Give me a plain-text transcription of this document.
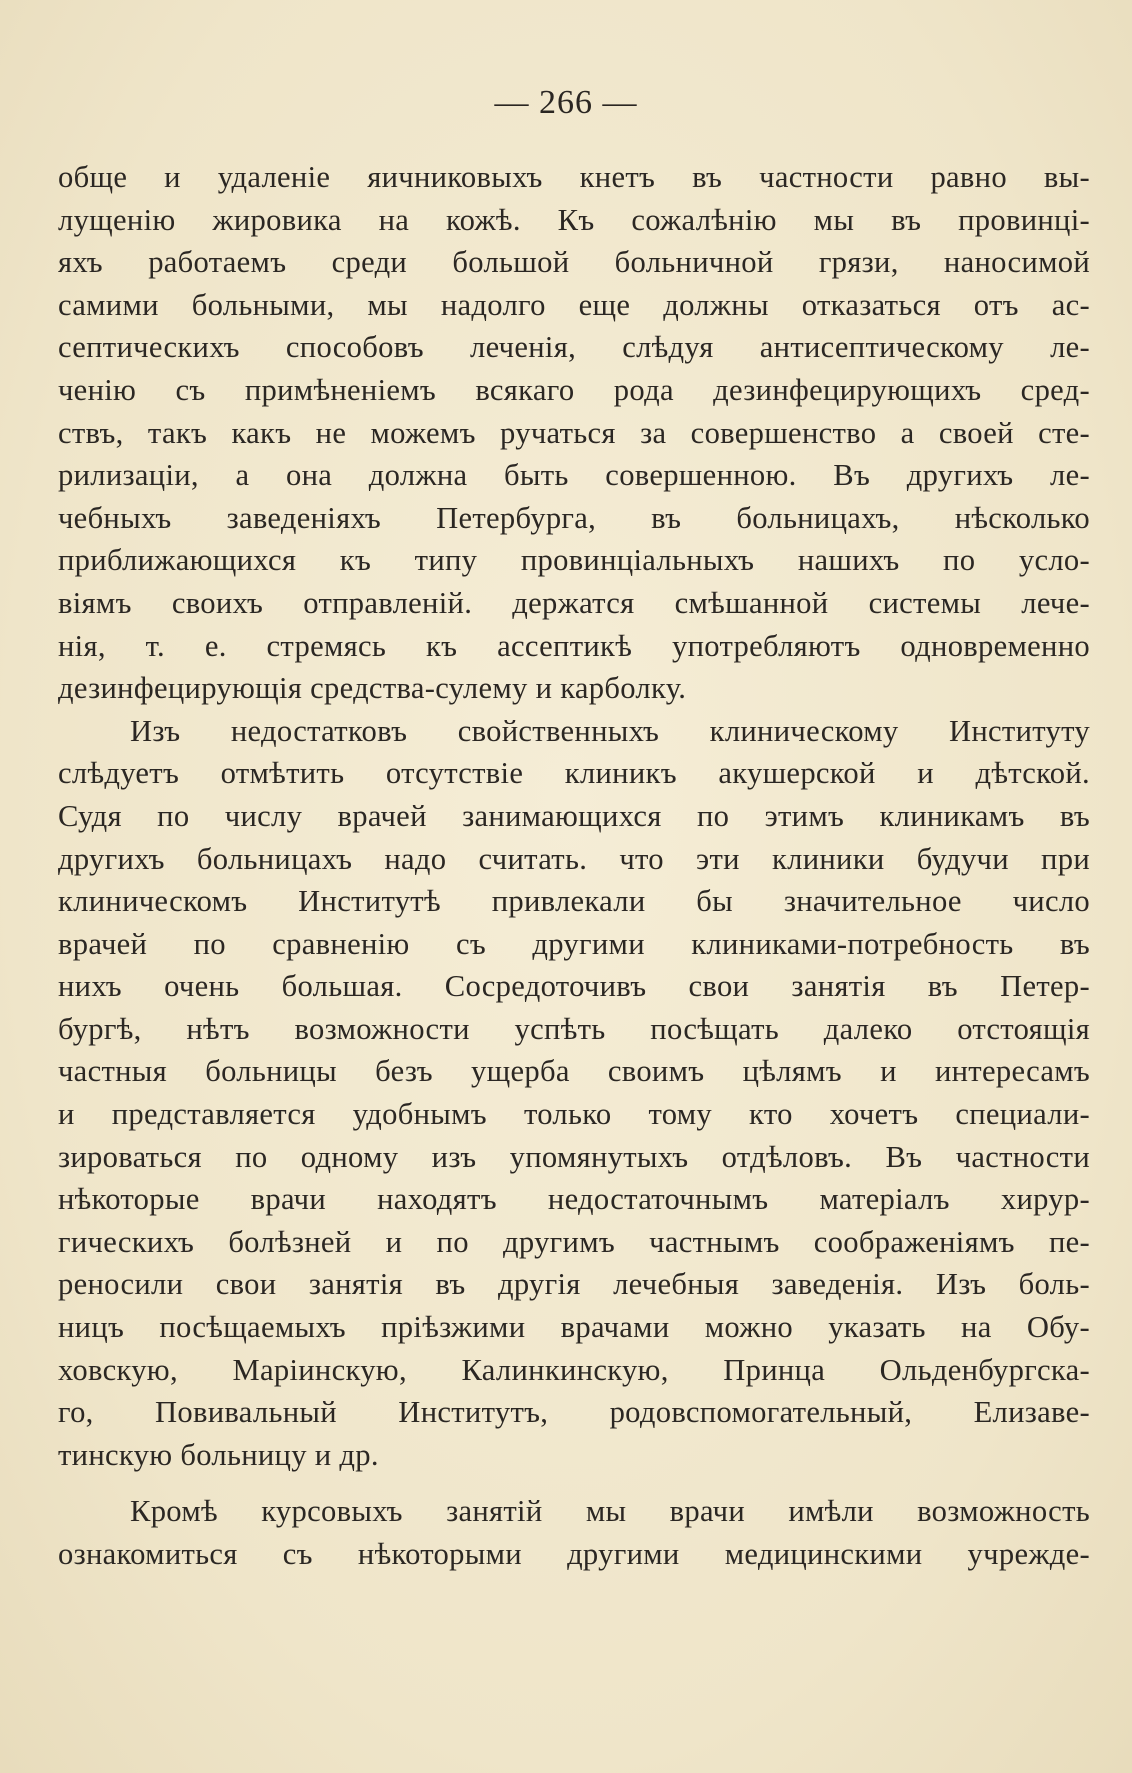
— 266 —
обще и удаленіе яичниковыхъ кнетъ въ частности равно вы-
лущенію жировика на кожѣ. Къ сожалѣнію мы въ провинці-
яхъ работаемъ среди большой больничной грязи, наносимой
самими больными, мы надолго еще должны отказаться отъ ас-
септическихъ способовъ леченія, слѣдуя антисептическому ле-
ченію съ примѣненіемъ всякаго рода дезинфецирующихъ сред-
ствъ, такъ какъ не можемъ ручаться за совершенство а своей сте-
рилизаціи, а она должна быть совершенною. Въ другихъ ле-
чебныхъ заведеніяхъ Петербурга, въ больницахъ, нѣсколько
приближающихся къ типу провинціальныхъ нашихъ по усло-
віямъ своихъ отправленій. держатся смѣшанной системы лече-
нія, т. е. стремясь къ ассептикѣ употребляютъ одновременно
дезинфецирующія средства-сулему и карболку.
Изъ недостатковъ свойственныхъ клиническому Институту
слѣдуетъ отмѣтить отсутствіе клиникъ акушерской и дѣтской.
Судя по числу врачей занимающихся по этимъ клиникамъ въ
другихъ больницахъ надо считать. что эти клиники будучи при
клиническомъ Институтѣ привлекали бы значительное число
врачей по сравненію съ другими клиниками-потребность въ
нихъ очень большая. Сосредоточивъ свои занятія въ Петер-
бургѣ, нѣтъ возможности успѣть посѣщать далеко отстоящія
частныя больницы безъ ущерба своимъ цѣлямъ и интересамъ
и представляется удобнымъ только тому кто хочетъ специали-
зироваться по одному изъ упомянутыхъ отдѣловъ. Въ частности
нѣкоторые врачи находятъ недостаточнымъ матеріалъ хирур-
гическихъ болѣзней и по другимъ частнымъ соображеніямъ пе-
реносили свои занятія въ другія лечебныя заведенія. Изъ боль-
ницъ посѣщаемыхъ пріѣзжими врачами можно указать на Обу-
ховскую, Маріинскую, Калинкинскую, Принца Ольденбургска-
го, Повивальный Институтъ, родовспомогательный, Елизаве-
тинскую больницу и др.
Кромѣ курсовыхъ занятій мы врачи имѣли возможность
ознакомиться съ нѣкоторыми другими медицинскими учрежде-
